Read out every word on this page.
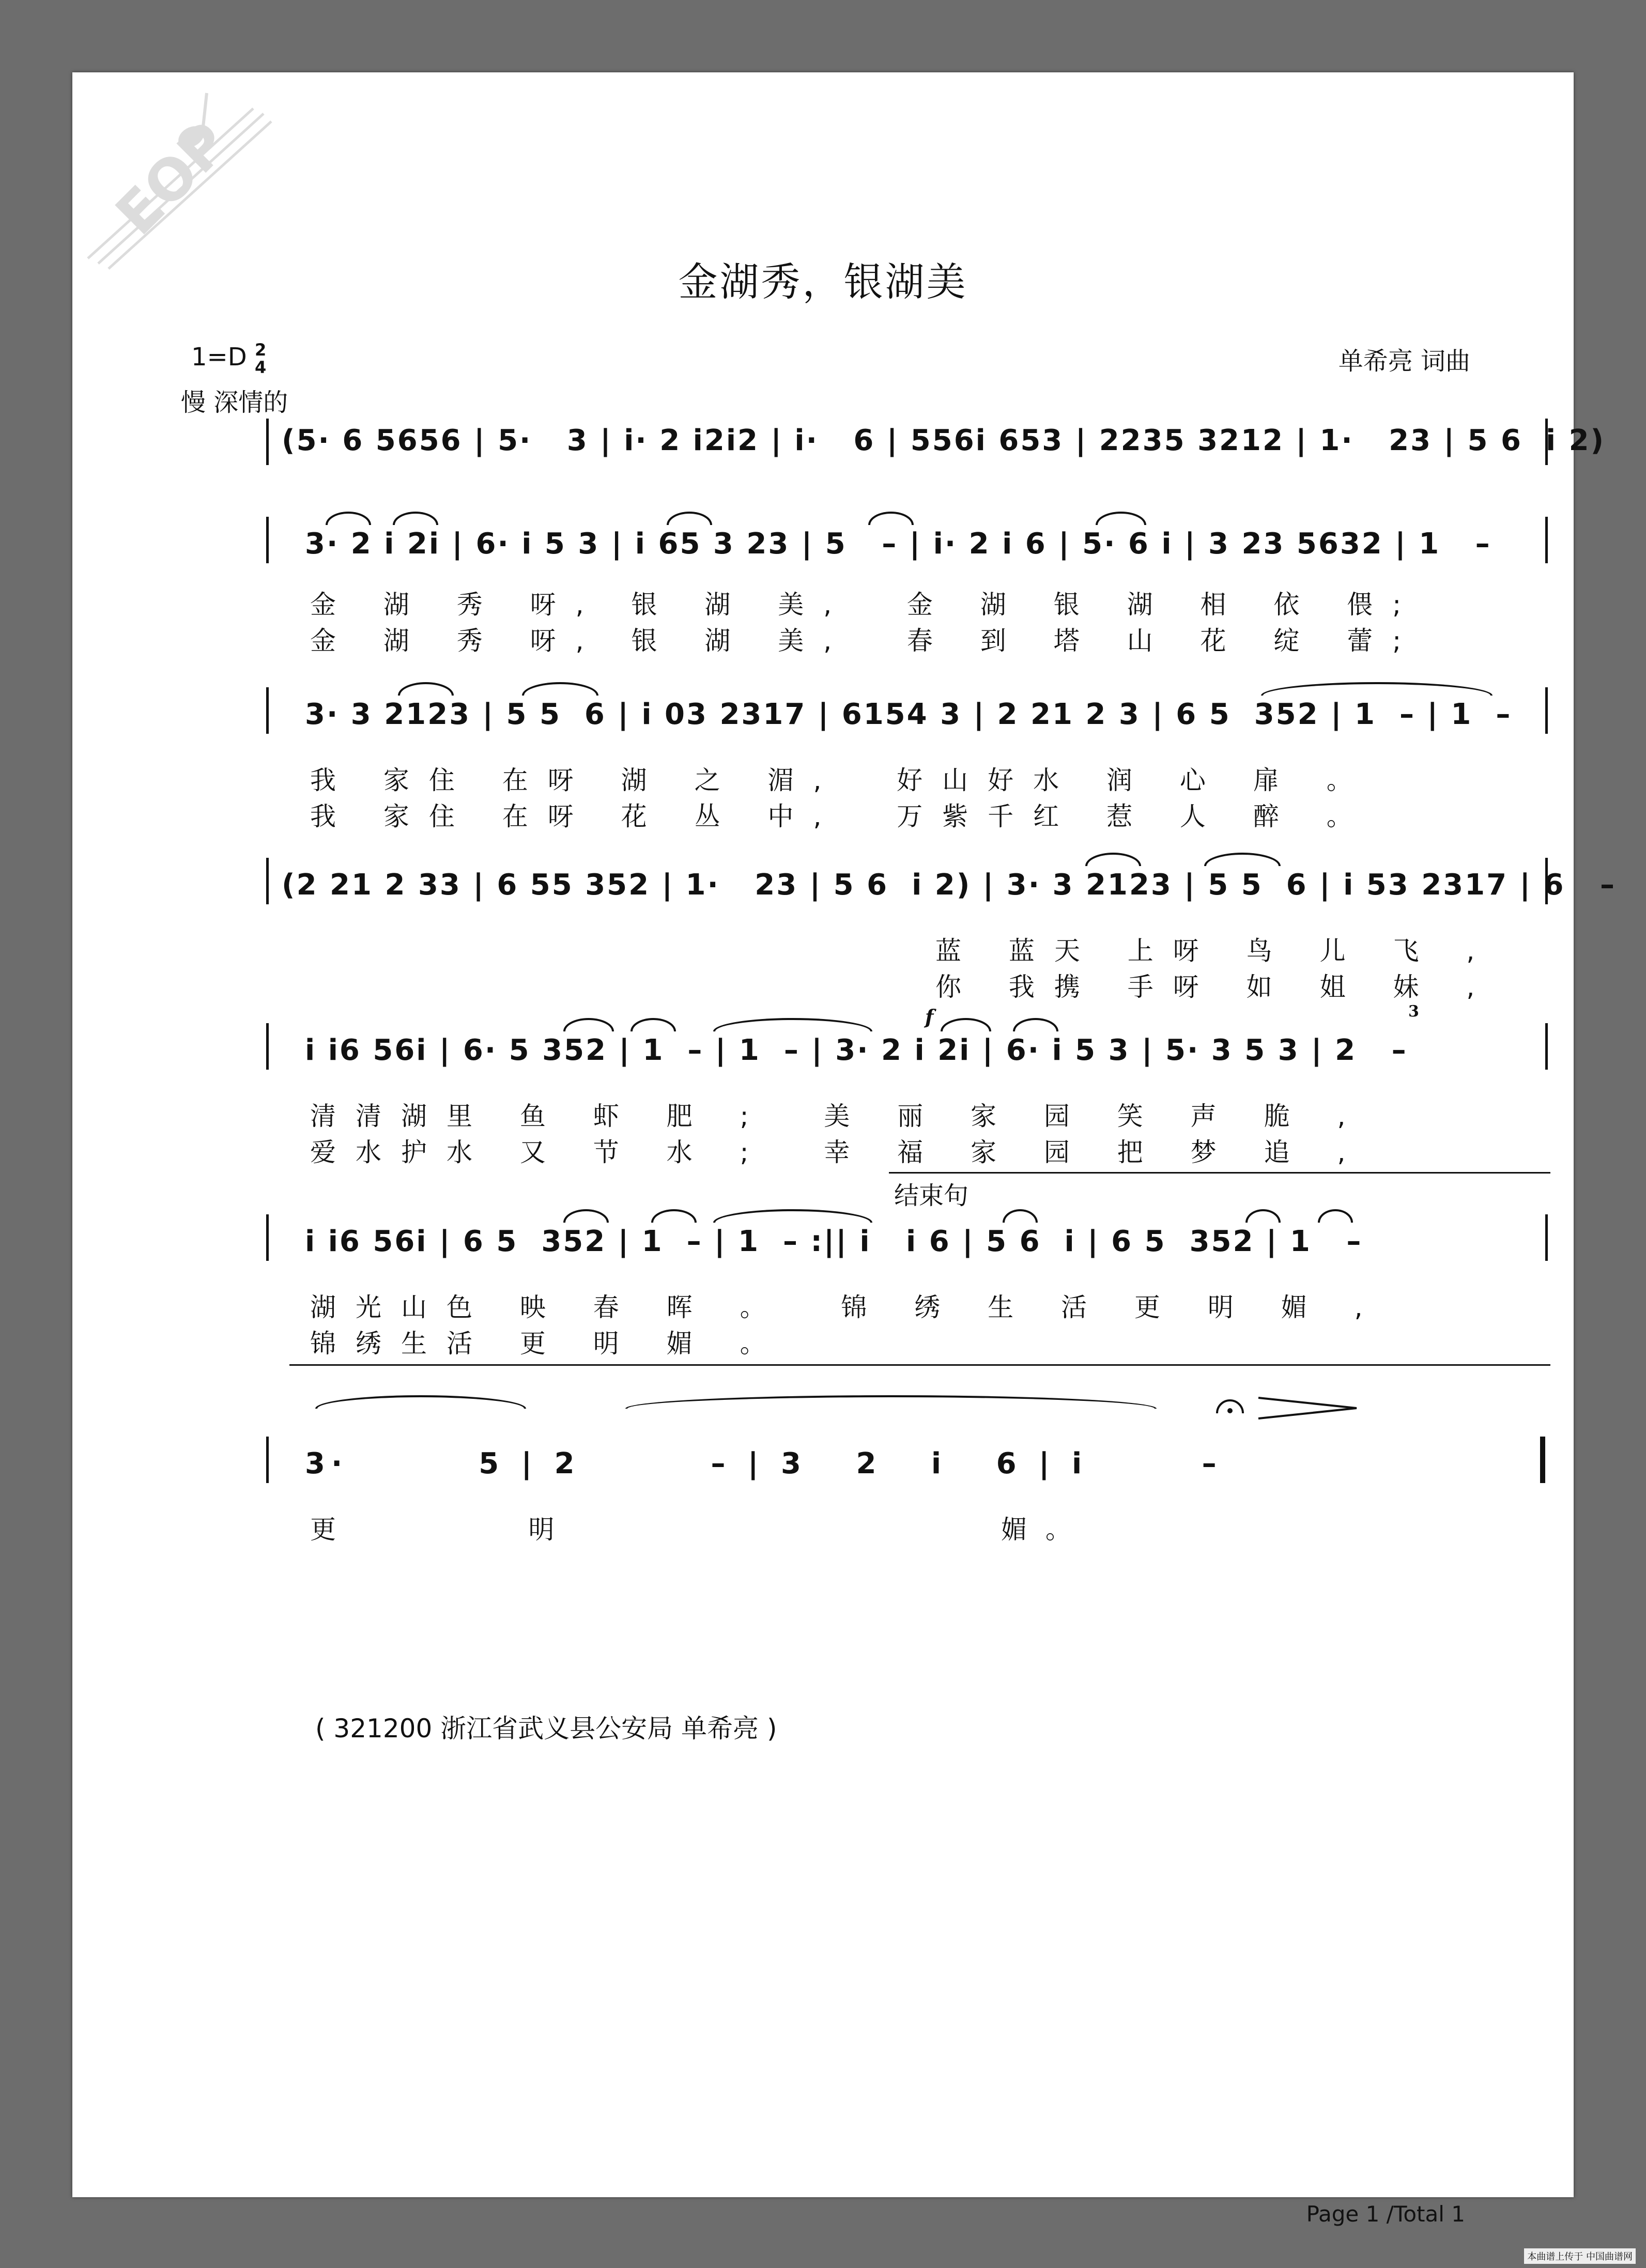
EOP
金湖秀，银湖美
1=D 2
4
慢 深情的
单希亮 词曲
(5· 6 5656 | 5·   3 | i· 2 i2i2 | i·   6 | 556i 653 | 2235 3212 | 1·   23 | 5 6  i 2)
3· 2 i 2i | 6· i 5 3 | i 65 3 23 | 5   – | i· 2 i 6 | 5· 6 i | 3 23 5632 | 1   –
金 湖 秀 呀, 银 湖 美,  金 湖 银 湖 相 依 偎;
金 湖 秀 呀, 银 湖 美,  春 到 塔 山 花 绽 蕾;
3· 3 2123 | 5 5  6 | i 03 2317 | 6154 3 | 2 21 2 3 | 6 5  352 | 1  – | 1  –
我 家住 在呀 湖 之 湄,  好山好水 润 心 扉 。
我 家住 在呀 花 丛 中,  万紫千红 惹 人 醉 。
(2 21 2 33 | 6 55 352 | 1·   23 | 5 6  i 2) | 3· 3 2123 | 5 5  6 | i 53 2317 | 6   –
蓝 蓝天 上呀 鸟 儿 飞 ,
你 我携 手呀 如 姐 妹 ,
f	3
i i6 56i | 6· 5 352 | 1  – | 1  – | 3· 2 i 2i | 6· i 5 3 | 5· 3 5 3 | 2   –
清清湖里 鱼 虾 肥 ;  美 丽 家 园 笑 声 脆 ,
爱水护水 又 节 水 ;  幸 福 家 园 把 梦 追 ,
结束句
i i6 56i | 6 5  352 | 1  – | 1  – :|| i   i 6 | 5 6  i | 6 5  352 | 1   –
湖光山色 映 春 晖 。  锦 绣 生 活 更 明 媚 ,
锦绣生活 更 明 媚 。
3·        5 | 2        – | 3   2   i   6 | i       –
更              明                                 媚 。
( 321200 浙江省武义县公安局 单希亮 )
Page 1 /Total 1
本曲谱上传于 中国曲谱网
